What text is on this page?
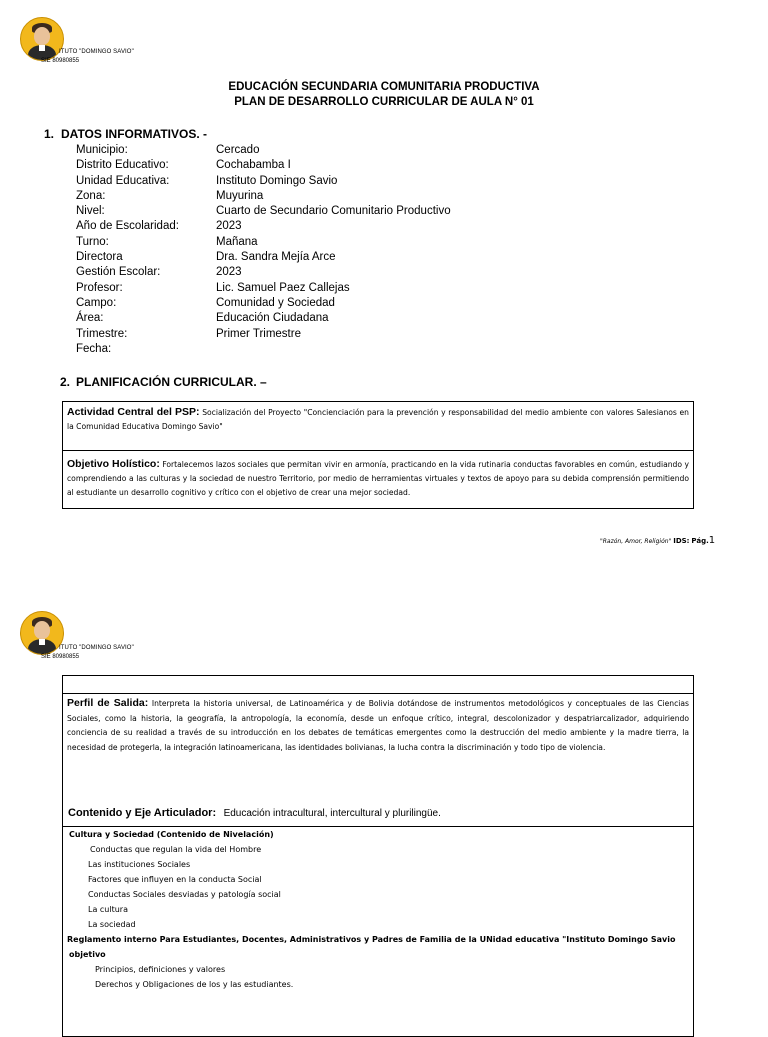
ITUTO "DOMINGO SAVIO"
SIE 80980855
EDUCACIÓN SECUNDARIA COMUNITARIA PRODUCTIVA
PLAN DE DESARROLLO CURRICULAR DE AULA N° 01
1. DATOS INFORMATIVOS. -
Municipio:
Distrito Educativo:
Unidad Educativa:
Zona:
Nivel:
Año de Escolaridad:
Turno:
Directora
Gestión Escolar:
Profesor:
Campo:
Área:
Trimestre:
Fecha:
Cercado
Cochabamba I
Instituto Domingo Savio
Muyurina
Cuarto de Secundario Comunitario Productivo
2023
Mañana
Dra. Sandra Mejía Arce
2023
Lic. Samuel Paez Callejas
Comunidad y Sociedad
Educación Ciudadana
Primer Trimestre
2. PLANIFICACIÓN CURRICULAR. –
Actividad Central del PSP: Socialización del Proyecto "Concienciación para la prevención y responsabilidad del medio ambiente con valores Salesianos en la Comunidad Educativa Domingo Savio"
Objetivo Holístico: Fortalecemos lazos sociales que permitan vivir en armonía, practicando en la vida rutinaria conductas favorables en común, estudiando y comprendiendo a las culturas y la sociedad de nuestro Territorio, por medio de herramientas virtuales y textos de apoyo para su debida comprensión permitiendo al estudiante un desarrollo cognitivo y crítico con el objetivo de crear una mejor sociedad.
"Razón, Amor, Religión" IDS: Pág.1
ITUTO "DOMINGO SAVIO"
SIE 80980855
Perfil de Salida: Interpreta la historia universal, de Latinoamérica y de Bolivia dotándose de instrumentos metodológicos y conceptuales de las Ciencias Sociales, como la historia, la geografía, la antropología, la economía, desde un enfoque crítico, integral, descolonizador y despatriarcalizador, adquiriendo conciencia de su realidad a través de su introducción en los debates de temáticas emergentes como la destrucción del medio ambiente y la madre tierra, la necesidad de protegerla, la integración latinoamericana, las identidades bolivianas, la lucha contra la discriminación y todo tipo de violencia.
Contenido y Eje Articulador: Educación intracultural, intercultural y plurilingüe.
Cultura y Sociedad (Contenido de Nivelación)
Conductas que regulan la vida del Hombre
Las instituciones Sociales
Factores que influyen en la conducta Social
Conductas Sociales desviadas y patología social
La cultura
La sociedad
Reglamento interno Para Estudiantes, Docentes, Administrativos y Padres de Familia de la UNidad educativa "Instituto Domingo Savio
objetivo
Principios, definiciones y valores
Derechos y Obligaciones de los y las estudiantes.
